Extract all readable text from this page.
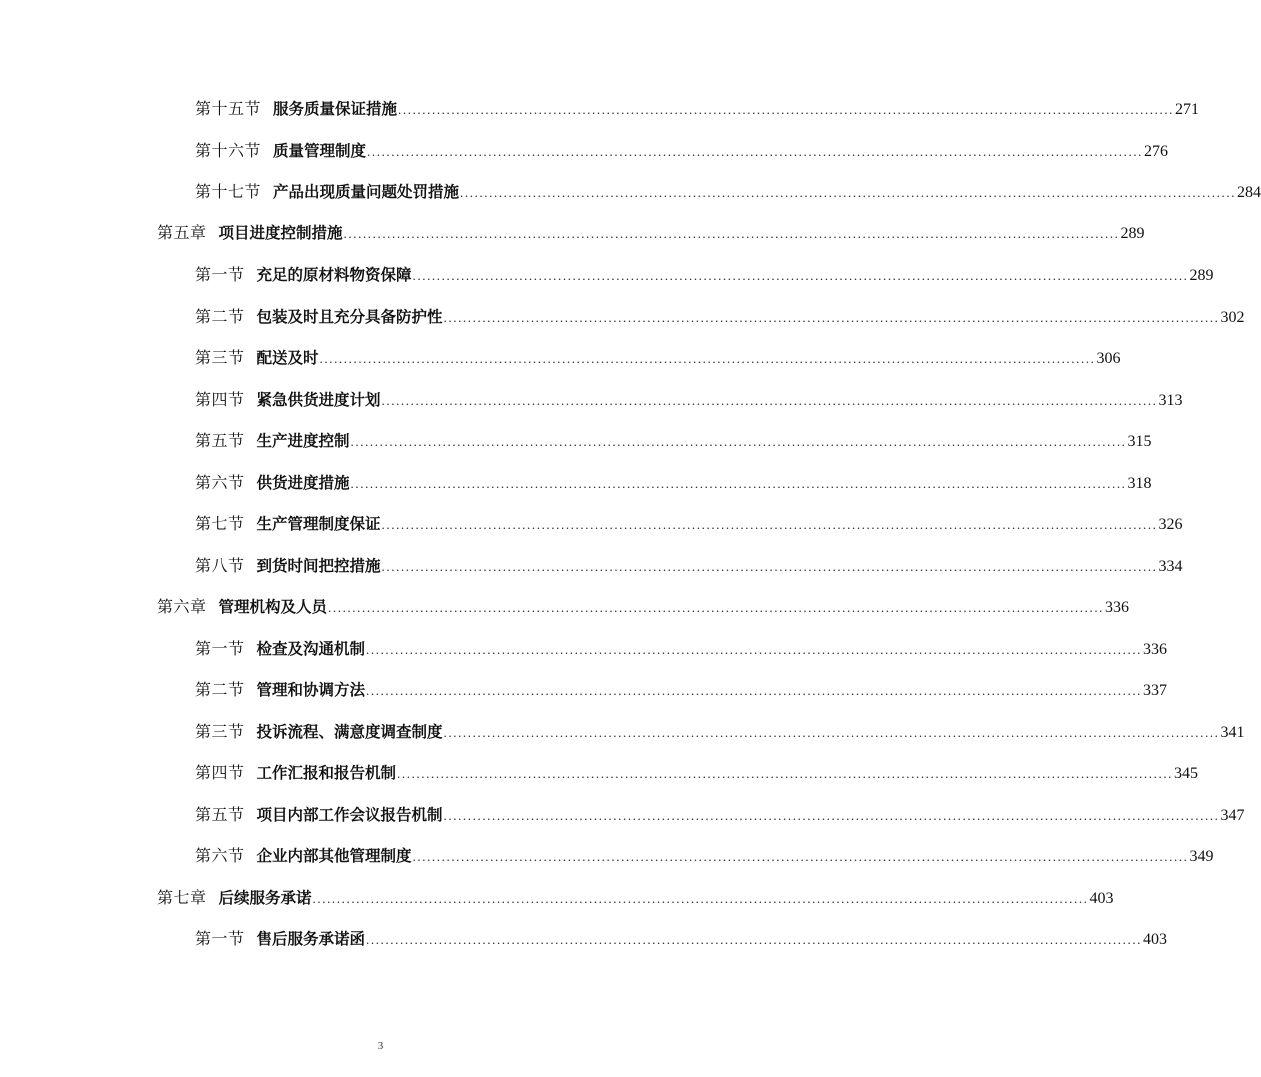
第十五节 服务质量保证措施 ................................................................................................................................................................ 271
第十六节 质量管理制度 ................................................................................................................................................................ 276
第十七节 产品出现质量问题处罚措施 ................................................................................................................................................................ 284
第五章 项目进度控制措施 ................................................................................................................................................................ 289
第一节 充足的原材料物资保障 ................................................................................................................................................................ 289
第二节 包装及时且充分具备防护性 ................................................................................................................................................................ 302
第三节 配送及时 ................................................................................................................................................................ 306
第四节 紧急供货进度计划 ................................................................................................................................................................ 313
第五节 生产进度控制 ................................................................................................................................................................ 315
第六节 供货进度措施 ................................................................................................................................................................ 318
第七节 生产管理制度保证 ................................................................................................................................................................ 326
第八节 到货时间把控措施 ................................................................................................................................................................ 334
第六章 管理机构及人员 ................................................................................................................................................................ 336
第一节 检查及沟通机制 ................................................................................................................................................................ 336
第二节 管理和协调方法 ................................................................................................................................................................ 337
第三节 投诉流程、满意度调查制度 ................................................................................................................................................................ 341
第四节 工作汇报和报告机制 ................................................................................................................................................................ 345
第五节 项目内部工作会议报告机制 ................................................................................................................................................................ 347
第六节 企业内部其他管理制度 ................................................................................................................................................................ 349
第七章 后续服务承诺 ................................................................................................................................................................ 403
第一节 售后服务承诺函 ................................................................................................................................................................ 403
3
